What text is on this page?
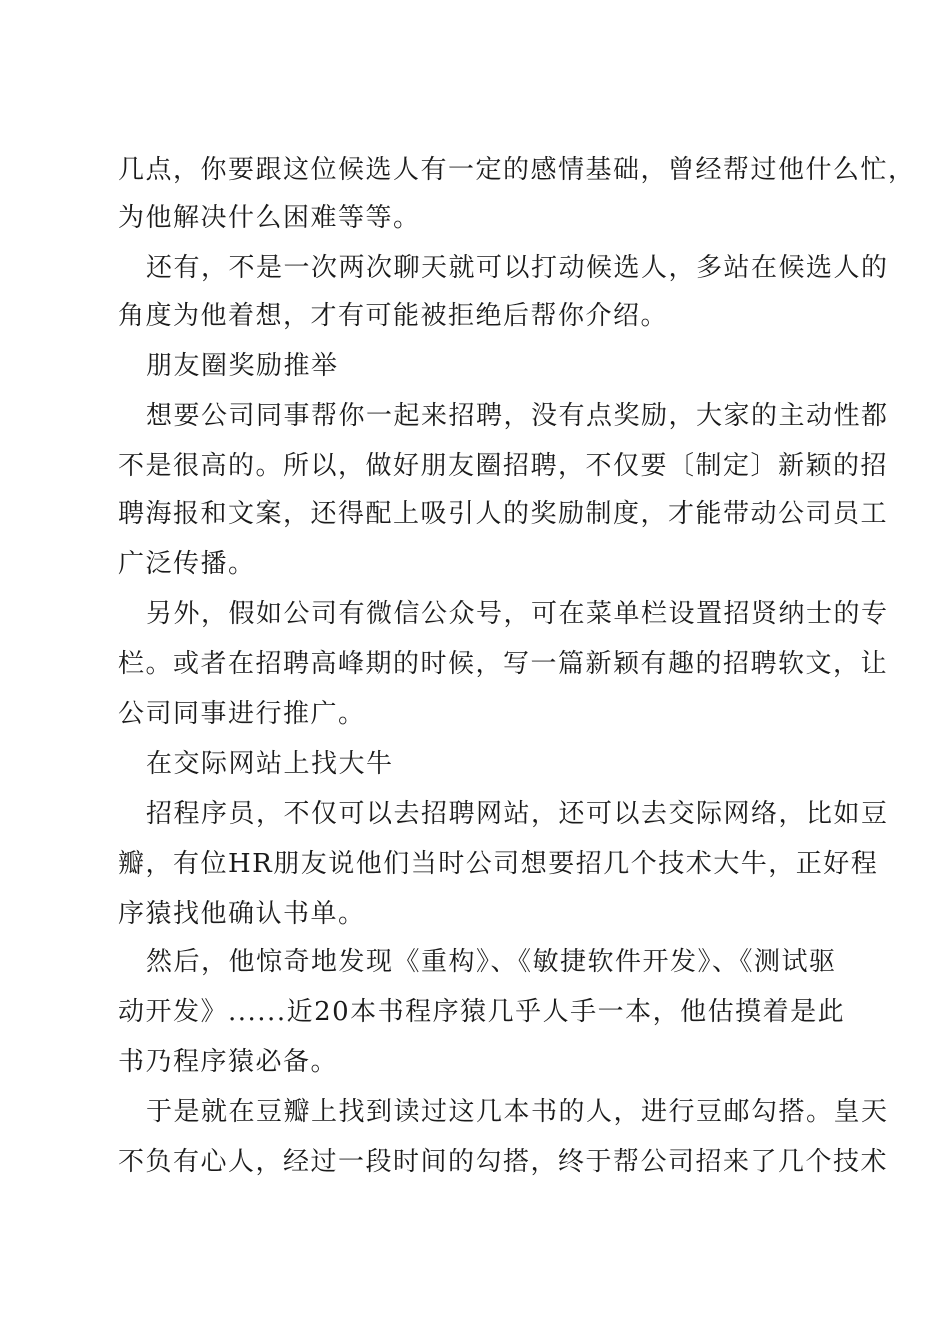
几点，你要跟这位候选人有一定的感情基础，曾经帮过他什么忙，
为他解决什么困难等等。
还有，不是一次两次聊天就可以打动候选人，多站在候选人的
角度为他着想，才有可能被拒绝后帮你介绍。
朋友圈奖励推举
想要公司同事帮你一起来招聘，没有点奖励，大家的主动性都
不是很高的。所以，做好朋友圈招聘，不仅要〔制定〕新颖的招
聘海报和文案，还得配上吸引人的奖励制度，才能带动公司员工
广泛传播。
另外，假如公司有微信公众号，可在菜单栏设置招贤纳士的专
栏。或者在招聘高峰期的时候，写一篇新颖有趣的招聘软文，让
公司同事进行推广。
在交际网站上找大牛
招程序员，不仅可以去招聘网站，还可以去交际网络，比如豆
瓣，有位HR朋友说他们当时公司想要招几个技术大牛，正好程
序猿找他确认书单。
然后，他惊奇地发现《重构》、《敏捷软件开发》、《测试驱
动开发》......近20本书程序猿几乎人手一本，他估摸着是此
书乃程序猿必备。
于是就在豆瓣上找到读过这几本书的人，进行豆邮勾搭。皇天
不负有心人，经过一段时间的勾搭，终于帮公司招来了几个技术
